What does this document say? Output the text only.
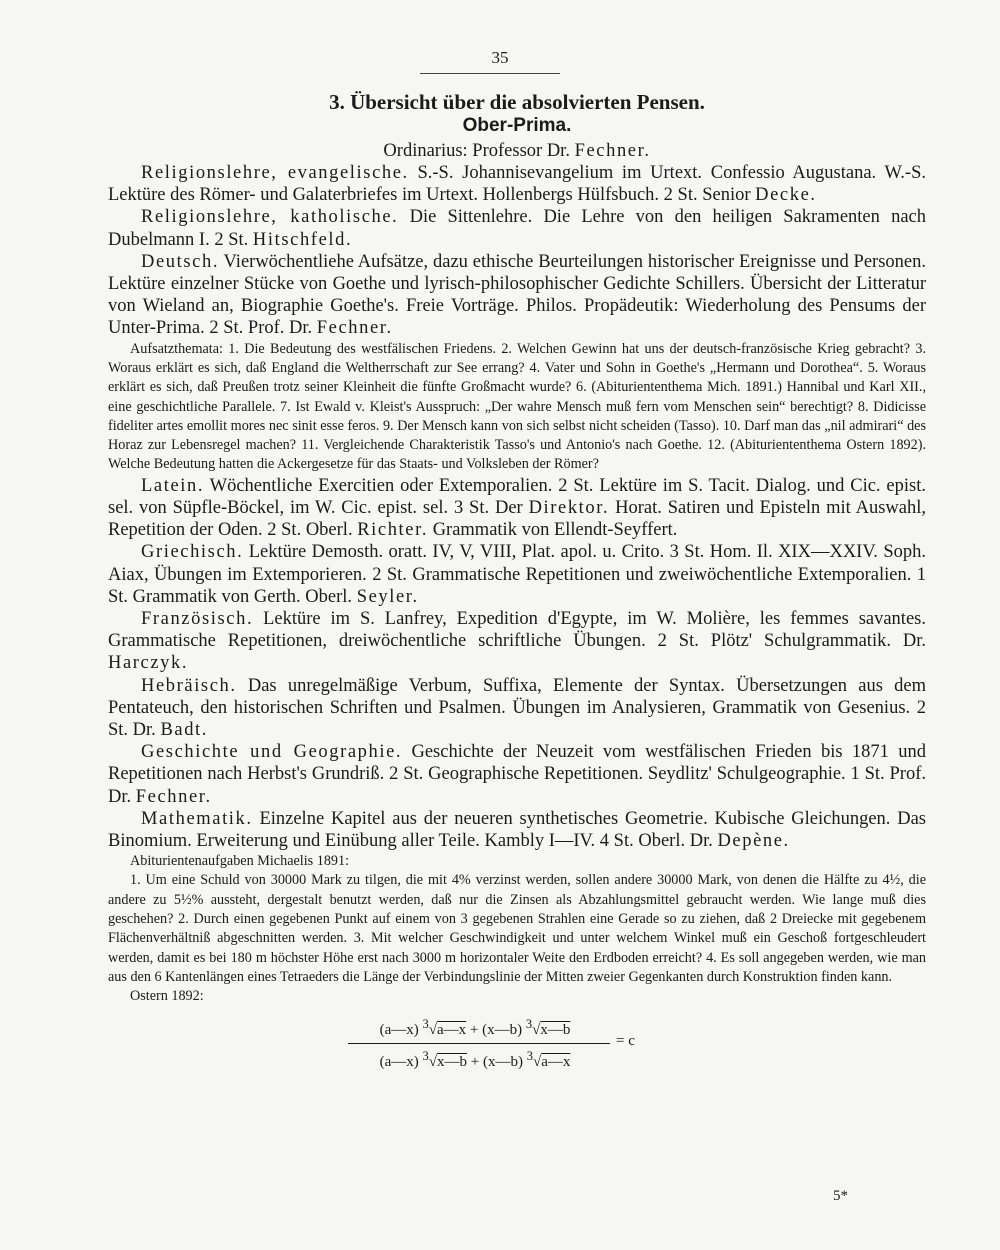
35

3. Übersicht über die absolvierten Pensen.

Ober-Prima.

Ordinarius: Professor Dr. Fechner.

Religionslehre, evangelische. S.-S. Johannisevangelium im Urtext. Confessio Augustana. W.-S. Lektüre des Römer- und Galaterbriefes im Urtext. Hollenbergs Hülfsbuch. 2 St. Senior Decke.

Religionslehre, katholische. Die Sittenlehre. Die Lehre von den heiligen Sakramenten nach Dubelmann I. 2 St. Hitschfeld.

Deutsch. Vierwöchentliehe Aufsätze, dazu ethische Beurteilungen historischer Ereignisse und Personen. Lektüre einzelner Stücke von Goethe und lyrisch-philosophischer Gedichte Schillers. Übersicht der Litteratur von Wieland an, Biographie Goethe's. Freie Vorträge. Philos. Propädeutik: Wiederholung des Pensums der Unter-Prima. 2 St. Prof. Dr. Fechner.

Aufsatzthemata: 1. Die Bedeutung des westfälischen Friedens. 2. Welchen Gewinn hat uns der deutsch-französische Krieg gebracht? 3. Woraus erklärt es sich, daß England die Weltherrschaft zur See errang? 4. Vater und Sohn in Goethe's „Hermann und Dorothea“. 5. Woraus erklärt es sich, daß Preußen trotz seiner Kleinheit die fünfte Großmacht wurde? 6. (Abituriententhema Mich. 1891.) Hannibal und Karl XII., eine geschichtliche Parallele. 7. Ist Ewald v. Kleist's Ausspruch: „Der wahre Mensch muß fern vom Menschen sein“ berechtigt? 8. Didicisse fideliter artes emollit mores nec sinit esse feros. 9. Der Mensch kann von sich selbst nicht scheiden (Tasso). 10. Darf man das „nil admirari“ des Horaz zur Lebensregel machen? 11. Vergleichende Charakteristik Tasso's und Antonio's nach Goethe. 12. (Abituriententhema Ostern 1892). Welche Bedeutung hatten die Ackergesetze für das Staats- und Volksleben der Römer?

Latein. Wöchentliche Exercitien oder Extemporalien. 2 St. Lektüre im S. Tacit. Dialog. und Cic. epist. sel. von Süpfle-Böckel, im W. Cic. epist. sel. 3 St. Der Direktor. Horat. Satiren und Episteln mit Auswahl, Repetition der Oden. 2 St. Oberl. Richter. Grammatik von Ellendt-Seyffert.

Griechisch. Lektüre Demosth. oratt. IV, V, VIII, Plat. apol. u. Crito. 3 St. Hom. Il. XIX—XXIV. Soph. Aiax, Übungen im Extemporieren. 2 St. Grammatische Repetitionen und zweiwöchentliche Extemporalien. 1 St. Grammatik von Gerth. Oberl. Seyler.

Französisch. Lektüre im S. Lanfrey, Expedition d'Egypte, im W. Molière, les femmes savantes. Grammatische Repetitionen, dreiwöchentliche schriftliche Übungen. 2 St. Plötz' Schulgrammatik. Dr. Harczyk.

Hebräisch. Das unregelmäßige Verbum, Suffixa, Elemente der Syntax. Übersetzungen aus dem Pentateuch, den historischen Schriften und Psalmen. Übungen im Analysieren, Grammatik von Gesenius. 2 St. Dr. Badt.

Geschichte und Geographie. Geschichte der Neuzeit vom westfälischen Frieden bis 1871 und Repetitionen nach Herbst's Grundriß. 2 St. Geographische Repetitionen. Seydlitz' Schulgeographie. 1 St. Prof. Dr. Fechner.

Mathematik. Einzelne Kapitel aus der neueren synthetisches Geometrie. Kubische Gleichungen. Das Binomium. Erweiterung und Einübung aller Teile. Kambly I—IV. 4 St. Oberl. Dr. Depène.

Abiturientenaufgaben Michaelis 1891:

1. Um eine Schuld von 30000 Mark zu tilgen, die mit 4% verzinst werden, sollen andere 30000 Mark, von denen die Hälfte zu 4½, die andere zu 5½% aussteht, dergestalt benutzt werden, daß nur die Zinsen als Abzahlungsmittel gebraucht werden. Wie lange muß dies geschehen? 2. Durch einen gegebenen Punkt auf einem von 3 gegebenen Strahlen eine Gerade so zu ziehen, daß 2 Dreiecke mit gegebenem Flächenverhältniß abgeschnitten werden. 3. Mit welcher Geschwindigkeit und unter welchem Winkel muß ein Geschoß fortgeschleudert werden, damit es bei 180 m höchster Höhe erst nach 3000 m horizontaler Weite den Erdboden erreicht? 4. Es soll angegeben werden, wie man aus den 6 Kantenlängen eines Tetraeders die Länge der Verbindungslinie der Mitten zweier Gegenkanten durch Konstruktion finden kann.

Ostern 1892:

(a—x) $^3$√a—x + (x—b) $^3$√x—b
= c
(a—x) $^3$√x—b + (x—b) $^3$√a—x
5*
